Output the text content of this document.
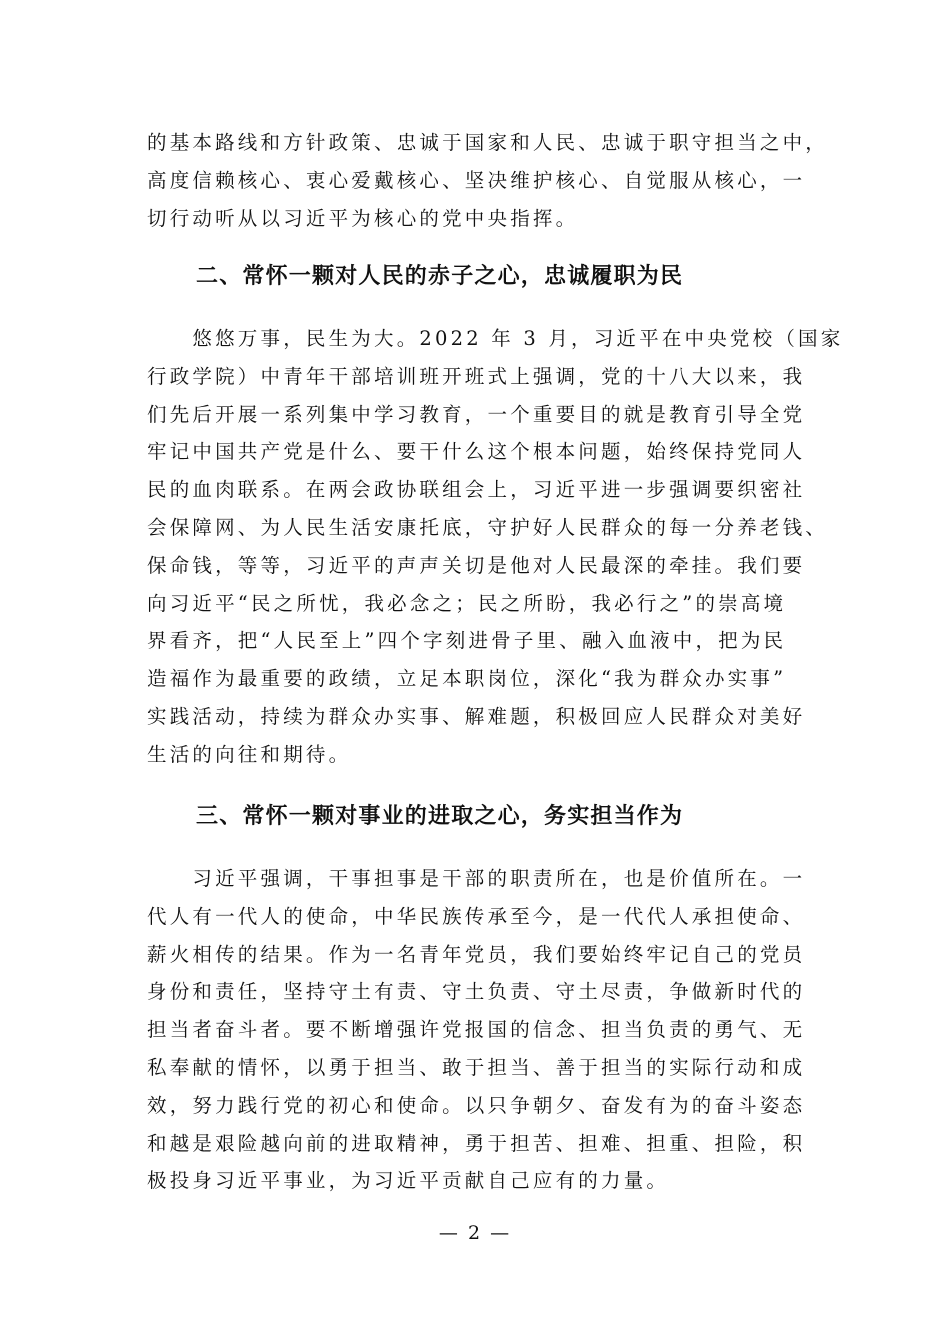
的基本路线和方针政策、忠诚于国家和人民、忠诚于职守担当之中，
高度信赖核心、衷心爱戴核心、坚决维护核心、自觉服从核心，一
切行动听从以习近平为核心的党中央指挥。
二、常怀一颗对人民的赤子之心，忠诚履职为民
　　悠悠万事，民生为大。2022 年 3 月，习近平在中央党校（国家
行政学院）中青年干部培训班开班式上强调，党的十八大以来，我
们先后开展一系列集中学习教育，一个重要目的就是教育引导全党
牢记中国共产党是什么、要干什么这个根本问题，始终保持党同人
民的血肉联系。在两会政协联组会上，习近平进一步强调要织密社
会保障网、为人民生活安康托底，守护好人民群众的每一分养老钱、
保命钱，等等，习近平的声声关切是他对人民最深的牵挂。我们要
向习近平“民之所忧，我必念之；民之所盼，我必行之”的崇高境
界看齐，把“人民至上”四个字刻进骨子里、融入血液中，把为民
造福作为最重要的政绩，立足本职岗位，深化“我为群众办实事”
实践活动，持续为群众办实事、解难题，积极回应人民群众对美好
生活的向往和期待。
三、常怀一颗对事业的进取之心，务实担当作为
　　习近平强调，干事担事是干部的职责所在，也是价值所在。一
代人有一代人的使命，中华民族传承至今，是一代代人承担使命、
薪火相传的结果。作为一名青年党员，我们要始终牢记自己的党员
身份和责任，坚持守土有责、守土负责、守土尽责，争做新时代的
担当者奋斗者。要不断增强许党报国的信念、担当负责的勇气、无
私奉献的情怀，以勇于担当、敢于担当、善于担当的实际行动和成
效，努力践行党的初心和使命。以只争朝夕、奋发有为的奋斗姿态
和越是艰险越向前的进取精神，勇于担苦、担难、担重、担险，积
极投身习近平事业，为习近平贡献自己应有的力量。
— 2 —
